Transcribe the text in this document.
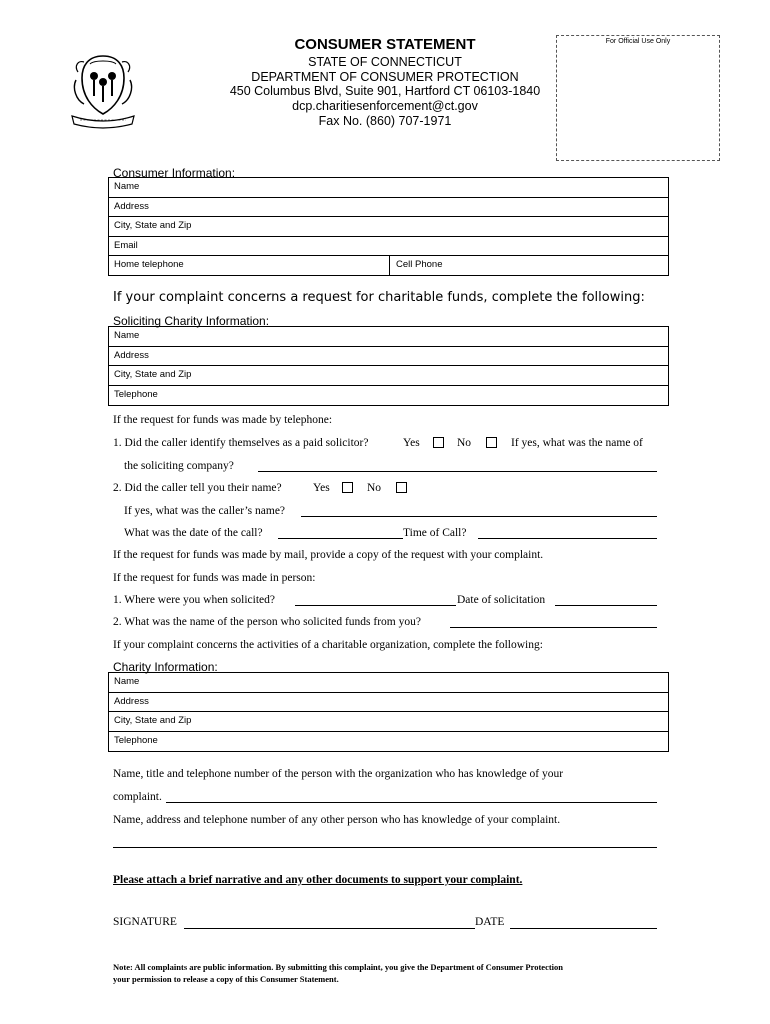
CONSUMER STATEMENT
STATE OF CONNECTICUT
DEPARTMENT OF CONSUMER PROTECTION
450 Columbus Blvd, Suite 901, Hartford CT 06103-1840
dcp.charitiesenforcement@ct.gov
Fax No. (860) 707-1971
For Official Use Only
Consumer Information:
Name
Address
City, State and Zip
Email
Home telephone	Cell Phone
If your complaint concerns a request for charitable funds, complete the following:
Soliciting Charity Information:
Name
Address
City, State and Zip
Telephone
If the request for funds was made by telephone:
1. Did the caller identify themselves as a paid solicitor?	Yes	No	If yes, what was the name of
the soliciting company?
2. Did the caller tell you their name?	Yes	No
If yes, what was the caller’s name?
What was the date of the call?	Time of Call?
If the request for funds was made by mail, provide a copy of the request with your complaint.
If the request for funds was made in person:
1. Where were you when solicited?	Date of solicitation
2. What was the name of the person who solicited funds from you?
If your complaint concerns the activities of a charitable organization, complete the following:
Charity Information:
Name
Address
City, State and Zip
Telephone
Name, title and telephone number of the person with the organization who has knowledge of your
complaint.
Name, address and telephone number of any other person who has knowledge of your complaint.
Please attach a brief narrative and any other documents to support your complaint.
SIGNATURE	DATE
Note: All complaints are public information. By submitting this complaint, you give the Department of Consumer Protection
your permission to release a copy of this Consumer Statement.
